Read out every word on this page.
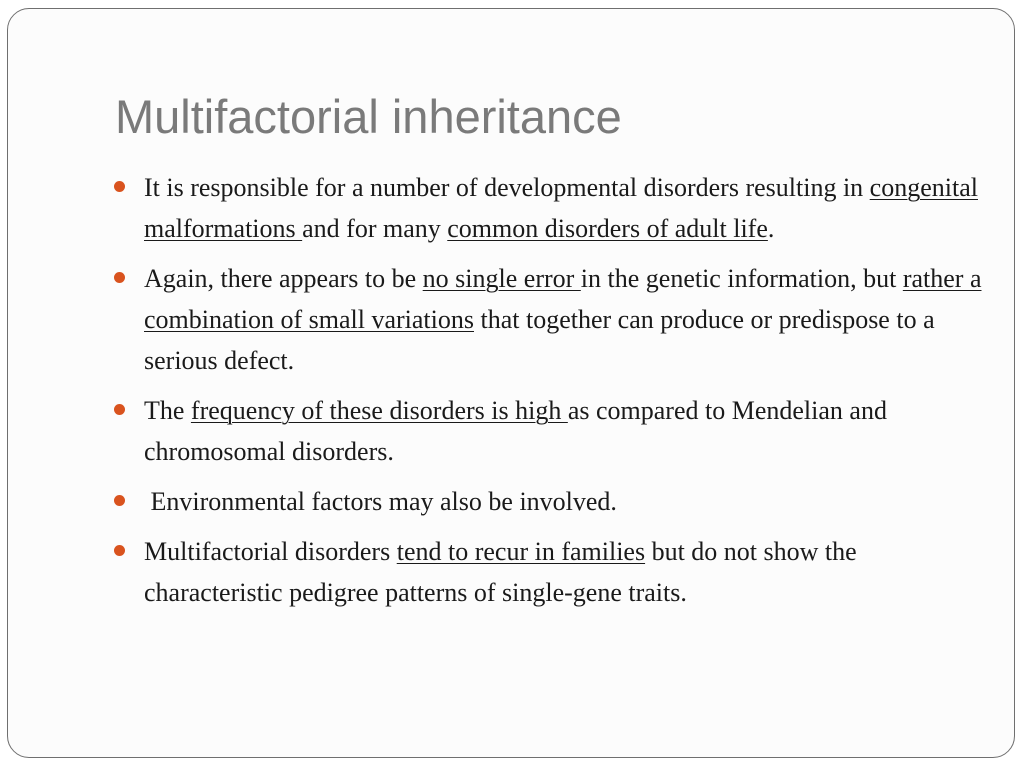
Multifactorial inheritance
It is responsible for a number of developmental disorders resulting in congenital malformations and for many common disorders of adult life.
Again, there appears to be no single error in the genetic information, but rather a combination of small variations that together can produce or predispose to a serious defect.
The frequency of these disorders is high as compared to Mendelian and chromosomal disorders.
Environmental factors may also be involved.
Multifactorial disorders tend to recur in families but do not show the characteristic pedigree patterns of single-gene traits.
